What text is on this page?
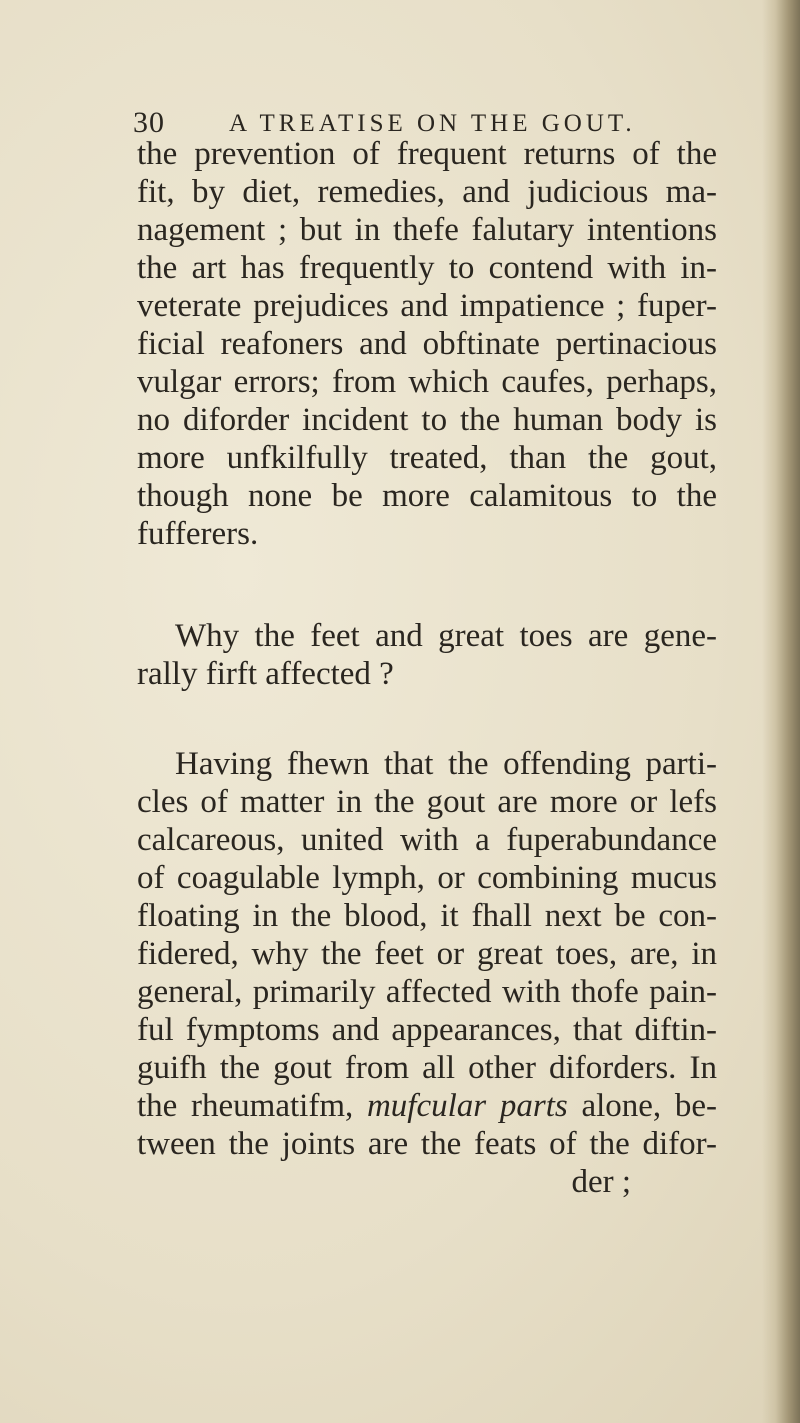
30	A TREATISE ON THE GOUT.
the prevention of frequent returns of the
fit, by diet, remedies, and judicious ma-
nagement ; but in thefe falutary intentions
the art has frequently to contend with in-
veterate prejudices and impatience ; fuper-
ficial reafoners and obftinate pertinacious
vulgar errors; from which caufes, perhaps,
no diforder incident to the human body is
more unfkilfully treated, than the gout,
though none be more calamitous to the
fufferers.
Why the feet and great toes are gene-
rally firft affected ?
Having fhewn that the offending parti-
cles of matter in the gout are more or lefs
calcareous, united with a fuperabundance
of coagulable lymph, or combining mucus
floating in the blood, it fhall next be con-
fidered, why the feet or great toes, are, in
general, primarily affected with thofe pain-
ful fymptoms and appearances, that diftin-
guifh the gout from all other diforders. In
the rheumatifm, mufcular parts alone, be-
tween the joints are the feats of the difor-
der ;
